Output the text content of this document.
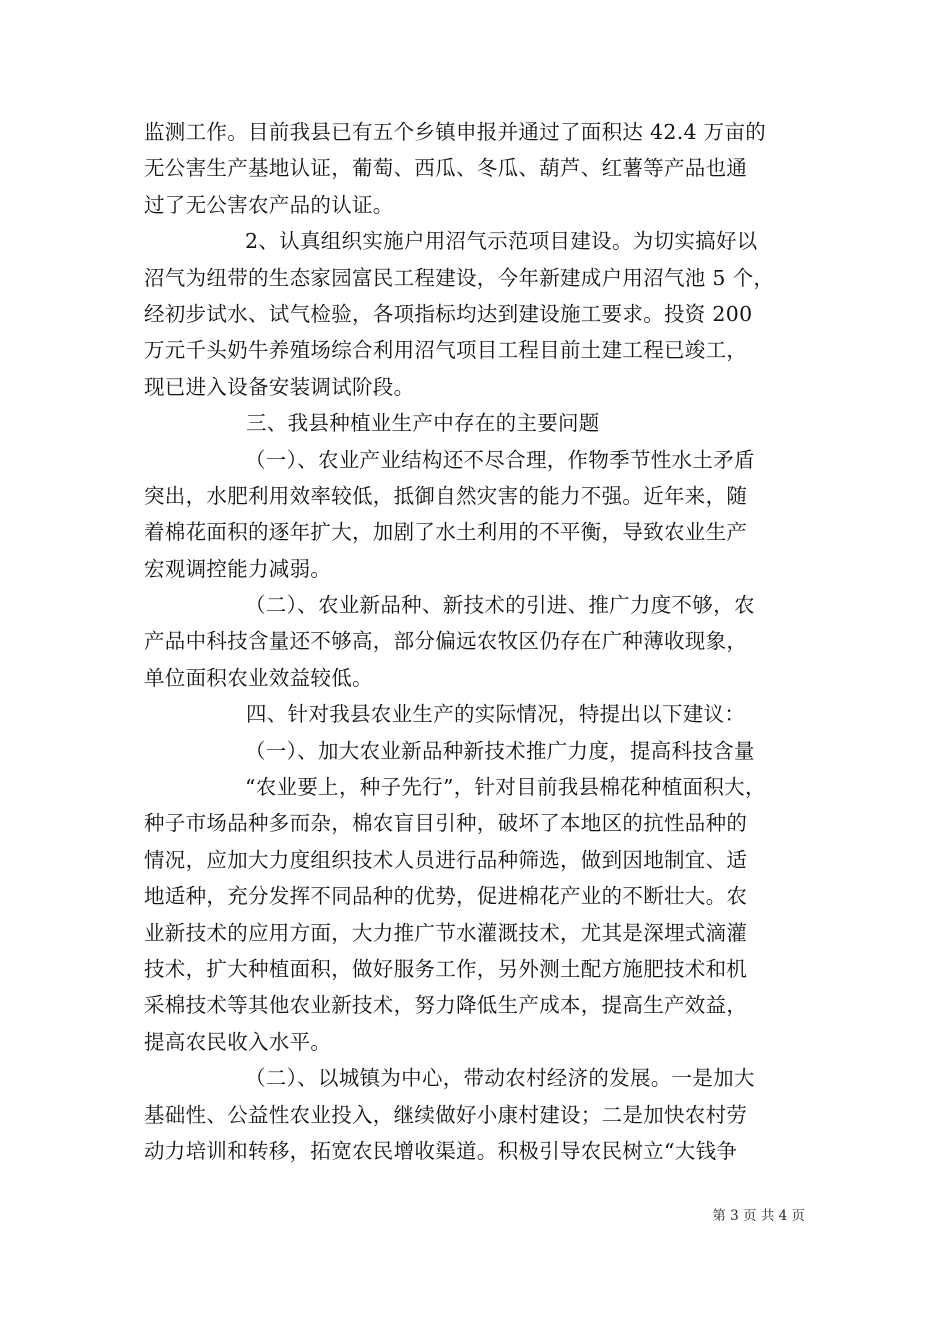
监测工作。目前我县已有五个乡镇申报并通过了面积达 42.4 万亩的
无公害生产基地认证，葡萄、西瓜、冬瓜、葫芦、红薯等产品也通
过了无公害农产品的认证。
2、认真组织实施户用沼气示范项目建设。为切实搞好以
沼气为纽带的生态家园富民工程建设，今年新建成户用沼气池 5 个，
经初步试水、试气检验，各项指标均达到建设施工要求。投资 200
万元千头奶牛养殖场综合利用沼气项目工程目前土建工程已竣工，
现已进入设备安装调试阶段。
三、我县种植业生产中存在的主要问题
（一）、农业产业结构还不尽合理，作物季节性水土矛盾
突出，水肥利用效率较低，抵御自然灾害的能力不强。近年来，随
着棉花面积的逐年扩大，加剧了水土利用的不平衡，导致农业生产
宏观调控能力减弱。
（二）、农业新品种、新技术的引进、推广力度不够，农
产品中科技含量还不够高，部分偏远农牧区仍存在广种薄收现象，
单位面积农业效益较低。
四、针对我县农业生产的实际情况，特提出以下建议：
（一）、加大农业新品种新技术推广力度，提高科技含量
“农业要上，种子先行”，针对目前我县棉花种植面积大，
种子市场品种多而杂，棉农盲目引种，破坏了本地区的抗性品种的
情况，应加大力度组织技术人员进行品种筛选，做到因地制宜、适
地适种，充分发挥不同品种的优势，促进棉花产业的不断壮大。农
业新技术的应用方面，大力推广节水灌溉技术，尤其是深埋式滴灌
技术，扩大种植面积，做好服务工作，另外测土配方施肥技术和机
采棉技术等其他农业新技术，努力降低生产成本，提高生产效益，
提高农民收入水平。
（二）、以城镇为中心，带动农村经济的发展。一是加大
基础性、公益性农业投入，继续做好小康村建设；二是加快农村劳
动力培训和转移，拓宽农民增收渠道。积极引导农民树立“大钱争
第 3 页 共 4 页
